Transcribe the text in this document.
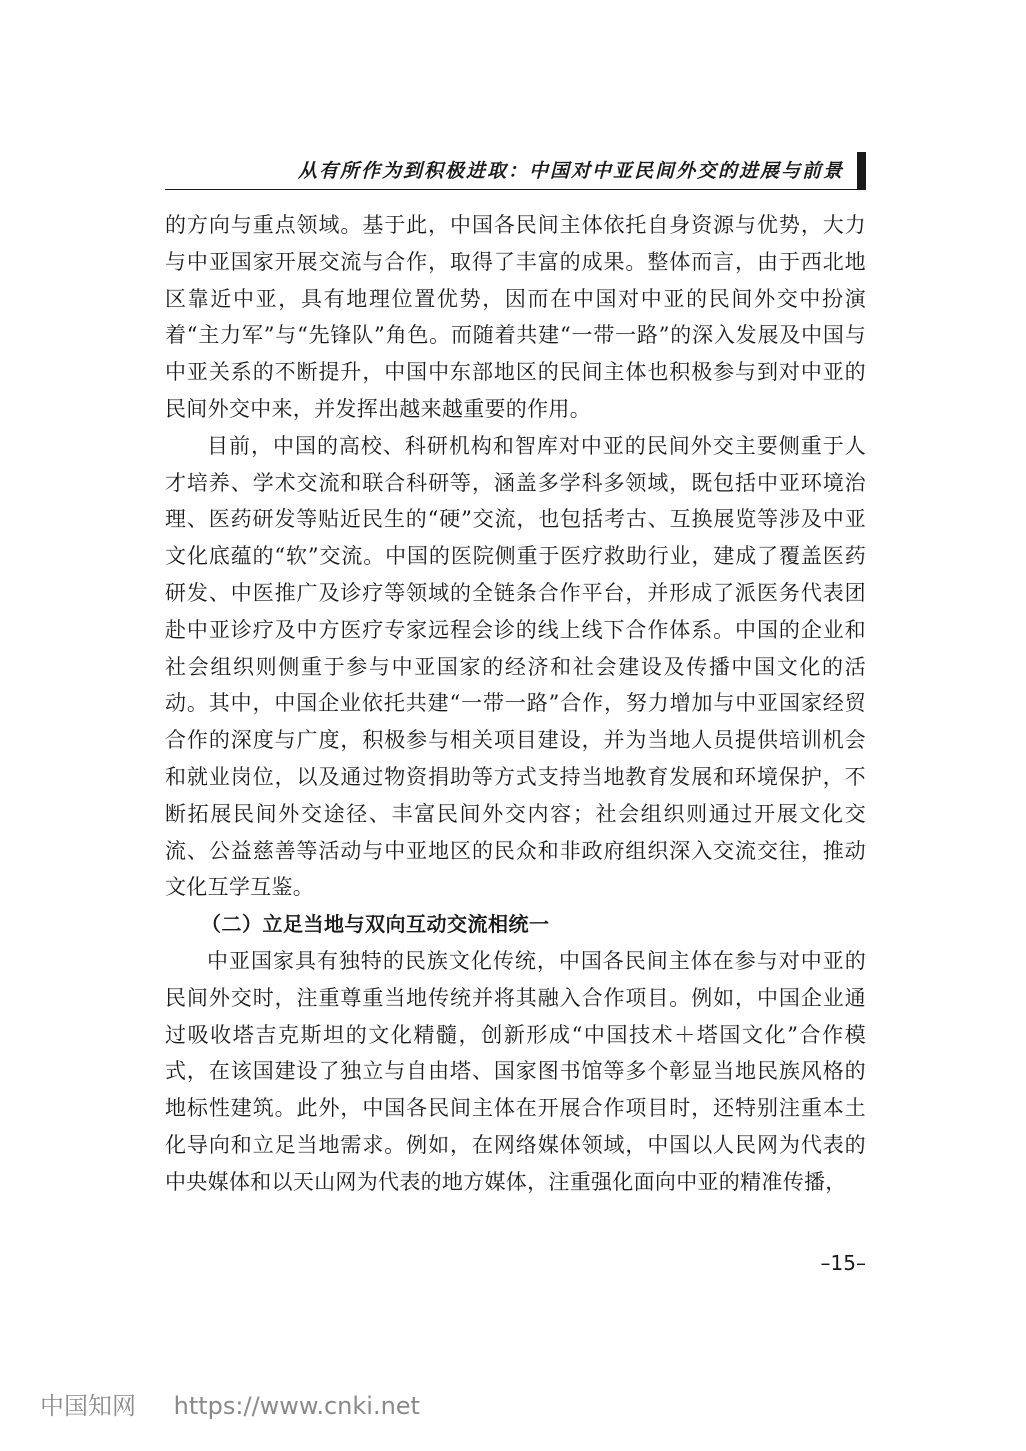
从有所作为到积极进取：中国对中亚民间外交的进展与前景

的方向与重点领域。基于此，中国各民间主体依托自身资源与优势，大力与中亚国家开展交流与合作，取得了丰富的成果。整体而言，由于西北地区靠近中亚，具有地理位置优势，因而在中国对中亚的民间外交中扮演着“主力军”与“先锋队”角色。而随着共建“一带一路”的深入发展及中国与中亚关系的不断提升，中国中东部地区的民间主体也积极参与到对中亚的民间外交中来，并发挥出越来越重要的作用。

目前，中国的高校、科研机构和智库对中亚的民间外交主要侧重于人才培养、学术交流和联合科研等，涵盖多学科多领域，既包括中亚环境治理、医药研发等贴近民生的“硬”交流，也包括考古、互换展览等涉及中亚文化底蕴的“软”交流。中国的医院侧重于医疗救助行业，建成了覆盖医药研发、中医推广及诊疗等领域的全链条合作平台，并形成了派医务代表团赴中亚诊疗及中方医疗专家远程会诊的线上线下合作体系。中国的企业和社会组织则侧重于参与中亚国家的经济和社会建设及传播中国文化的活动。其中，中国企业依托共建“一带一路”合作，努力增加与中亚国家经贸合作的深度与广度，积极参与相关项目建设，并为当地人员提供培训机会和就业岗位，以及通过物资捐助等方式支持当地教育发展和环境保护，不断拓展民间外交途径、丰富民间外交内容；社会组织则通过开展文化交流、公益慈善等活动与中亚地区的民众和非政府组织深入交流交往，推动文化互学互鉴。

（二）立足当地与双向互动交流相统一

中亚国家具有独特的民族文化传统，中国各民间主体在参与对中亚的民间外交时，注重尊重当地传统并将其融入合作项目。例如，中国企业通过吸收塔吉克斯坦的文化精髓，创新形成“中国技术＋塔国文化”合作模式，在该国建设了独立与自由塔、国家图书馆等多个彰显当地民族风格的地标性建筑。此外，中国各民间主体在开展合作项目时，还特别注重本土化导向和立足当地需求。例如，在网络媒体领域，中国以人民网为代表的中央媒体和以天山网为代表的地方媒体，注重强化面向中亚的精准传播，

–15–
中国知网 https://www.cnki.net
